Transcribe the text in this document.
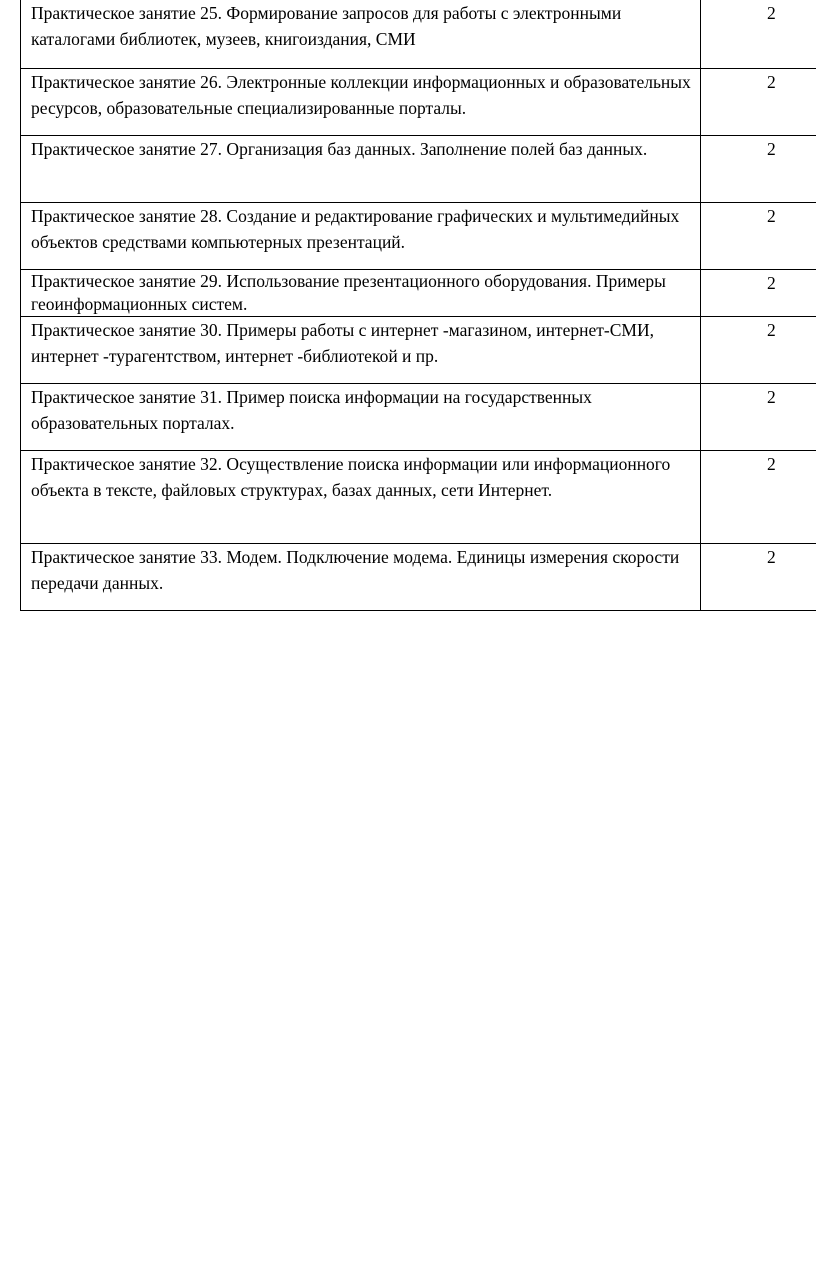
Практическое занятие 25. Формирование запросов для работы с электронными каталогами библиотек, музеев, книгоиздания, СМИ	2

Практическое занятие 26. Электронные коллекции информационных и образовательных ресурсов, образовательные специализированные порталы.	2

Практическое занятие 27. Организация баз данных. Заполнение полей баз данных.	2

Практическое занятие 28. Создание и редактирование графических и мультимедийных объектов средствами компьютерных презентаций.	2

Практическое занятие 29. Использование презентационного оборудования. Примеры геоинформационных систем.	2

Практическое занятие 30. Примеры работы с интернет -магазином, интернет-СМИ, интернет -турагентством, интернет -библиотекой и пр.	2

Практическое занятие 31. Пример поиска информации на государственных образовательных порталах.	2

Практическое занятие 32. Осуществление поиска информации или информационного объекта в тексте, файловых структурах, базах данных, сети Интернет.	2

Практическое занятие 33. Модем. Подключение модема. Единицы измерения скорости передачи данных.	2
